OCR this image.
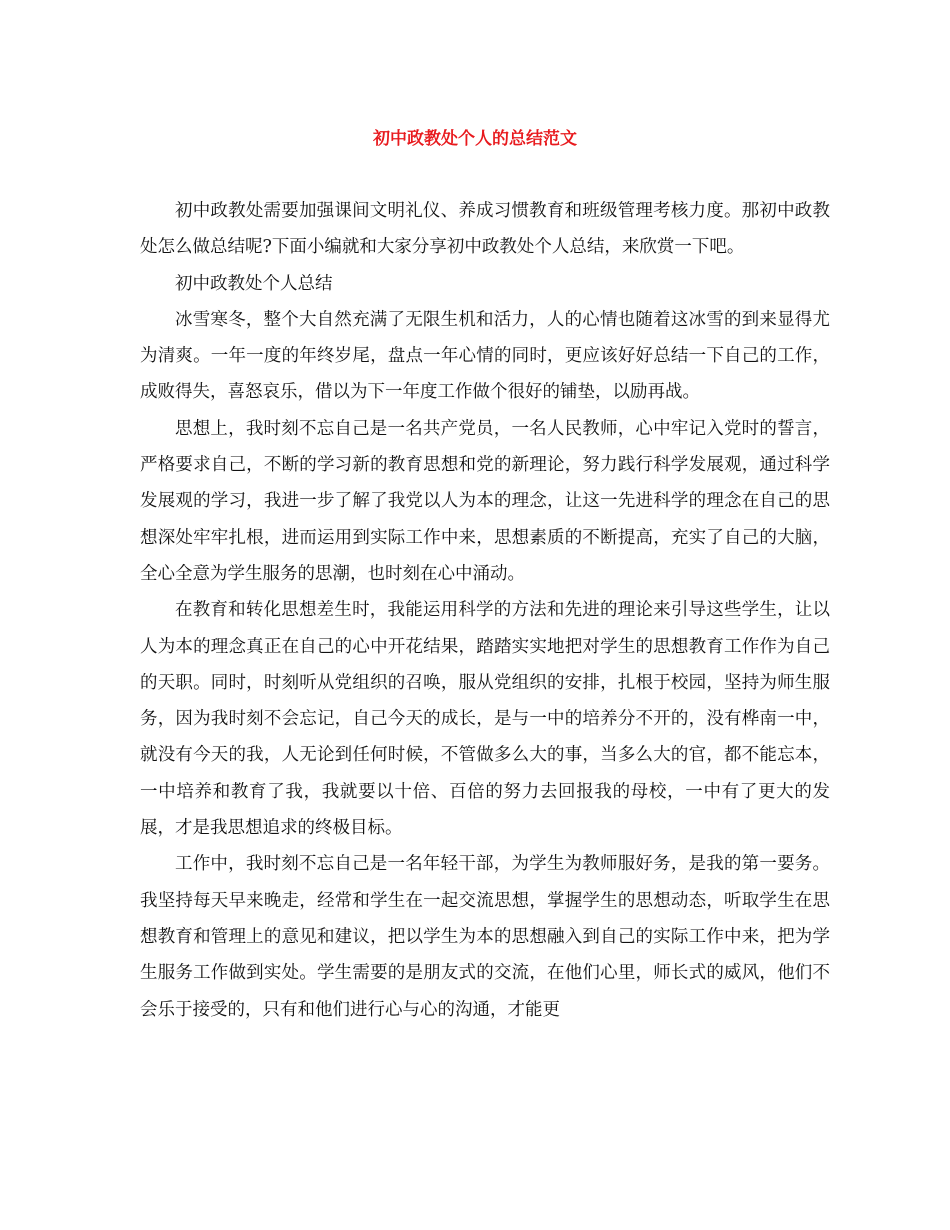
初中政教处个人的总结范文

初中政教处需要加强课间文明礼仪、养成习惯教育和班级管理考核力度。那初中政教处怎么做总结呢?下面小编就和大家分享初中政教处个人总结，来欣赏一下吧。

初中政教处个人总结

冰雪寒冬，整个大自然充满了无限生机和活力，人的心情也随着这冰雪的到来显得尤为清爽。一年一度的年终岁尾，盘点一年心情的同时，更应该好好总结一下自己的工作，成败得失，喜怒哀乐，借以为下一年度工作做个很好的铺垫，以励再战。

思想上，我时刻不忘自己是一名共产党员，一名人民教师，心中牢记入党时的誓言，严格要求自己，不断的学习新的教育思想和党的新理论，努力践行科学发展观，通过科学发展观的学习，我进一步了解了我党以人为本的理念，让这一先进科学的理念在自己的思想深处牢牢扎根，进而运用到实际工作中来，思想素质的不断提高，充实了自己的大脑，全心全意为学生服务的思潮，也时刻在心中涌动。

在教育和转化思想差生时，我能运用科学的方法和先进的理论来引导这些学生，让以人为本的理念真正在自己的心中开花结果，踏踏实实地把对学生的思想教育工作作为自己的天职。同时，时刻听从党组织的召唤，服从党组织的安排，扎根于校园，坚持为师生服务，因为我时刻不会忘记，自己今天的成长，是与一中的培养分不开的，没有桦南一中，就没有今天的我，人无论到任何时候，不管做多么大的事，当多么大的官，都不能忘本，一中培养和教育了我，我就要以十倍、百倍的努力去回报我的母校，一中有了更大的发展，才是我思想追求的终极目标。

工作中，我时刻不忘自己是一名年轻干部，为学生为教师服好务，是我的第一要务。我坚持每天早来晚走，经常和学生在一起交流思想，掌握学生的思想动态，听取学生在思想教育和管理上的意见和建议，把以学生为本的思想融入到自己的实际工作中来，把为学生服务工作做到实处。学生需要的是朋友式的交流，在他们心里，师长式的威风，他们不会乐于接受的，只有和他们进行心与心的沟通，才能更
